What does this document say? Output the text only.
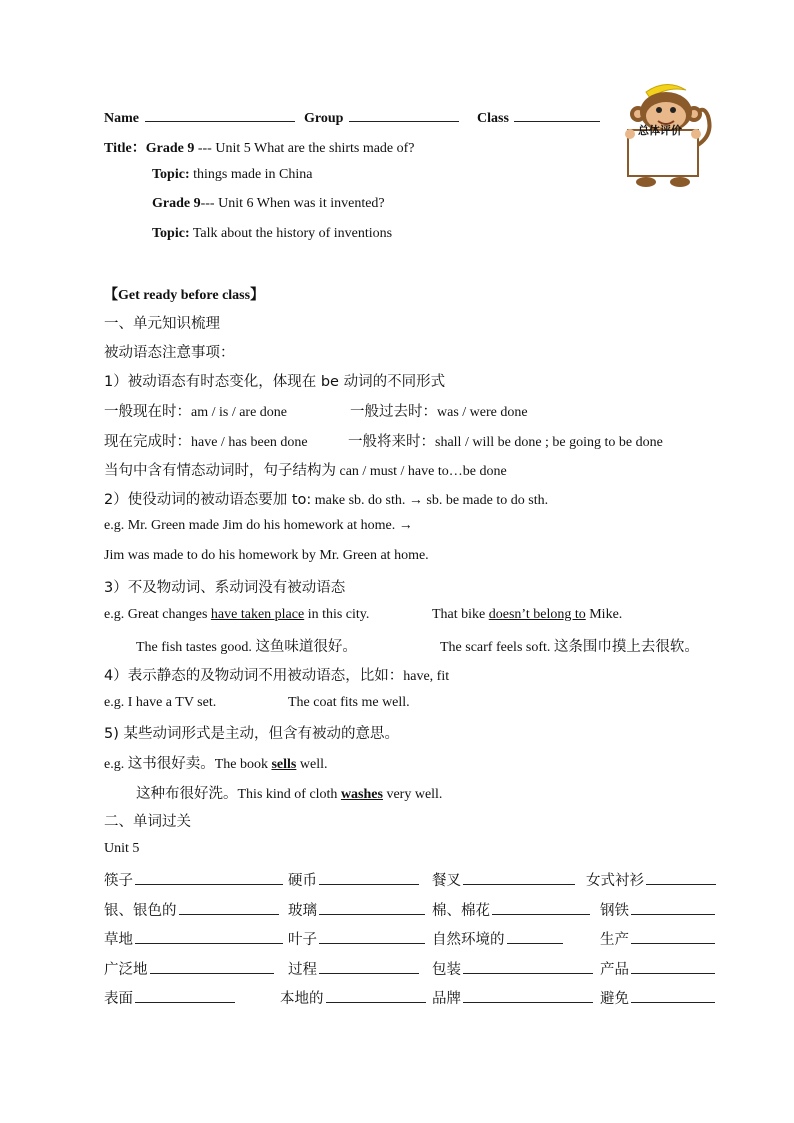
Name	Group	Class
总体评价
Title：Grade 9 --- Unit 5 What are the shirts made of?
Topic: things made in China
Grade 9--- Unit 6 When was it invented?
Topic: Talk about the history of inventions
【Get ready before class】
一、单元知识梳理
被动语态注意事项：
1）被动语态有时态变化，体现在 be 动词的不同形式
一般现在时：am / is / are done	一般过去时：was / were done
现在完成时：have / has been done	一般将来时：shall / will be done ; be going to be done
当句中含有情态动词时，句子结构为 can / must / have to…be done
2）使役动词的被动语态要加 to: make sb. do sth. → sb. be made to do sth.
e.g. Mr. Green made Jim do his homework at home. →
Jim was made to do his homework by Mr. Green at home.
3）不及物动词、系动词没有被动语态
e.g. Great changes have taken place in this city.	That bike doesn’t belong to Mike.
The fish tastes good. 这鱼味道很好。	The scarf feels soft. 这条围巾摸上去很软。
4）表示静态的及物动词不用被动语态，比如：have, fit
e.g. I have a TV set.	The coat fits me well.
5) 某些动词形式是主动，但含有被动的意思。
e.g. 这书很好卖。The book sells well.
这种布很好洗。This kind of cloth washes very well.
二、单词过关
Unit 5
筷子	硬币	餐叉	女式衬衫
银、银色的	玻璃	棉、棉花	钢铁
草地	叶子	自然环境的	生产
广泛地	过程	包装	产品
表面	本地的	品牌	避免
